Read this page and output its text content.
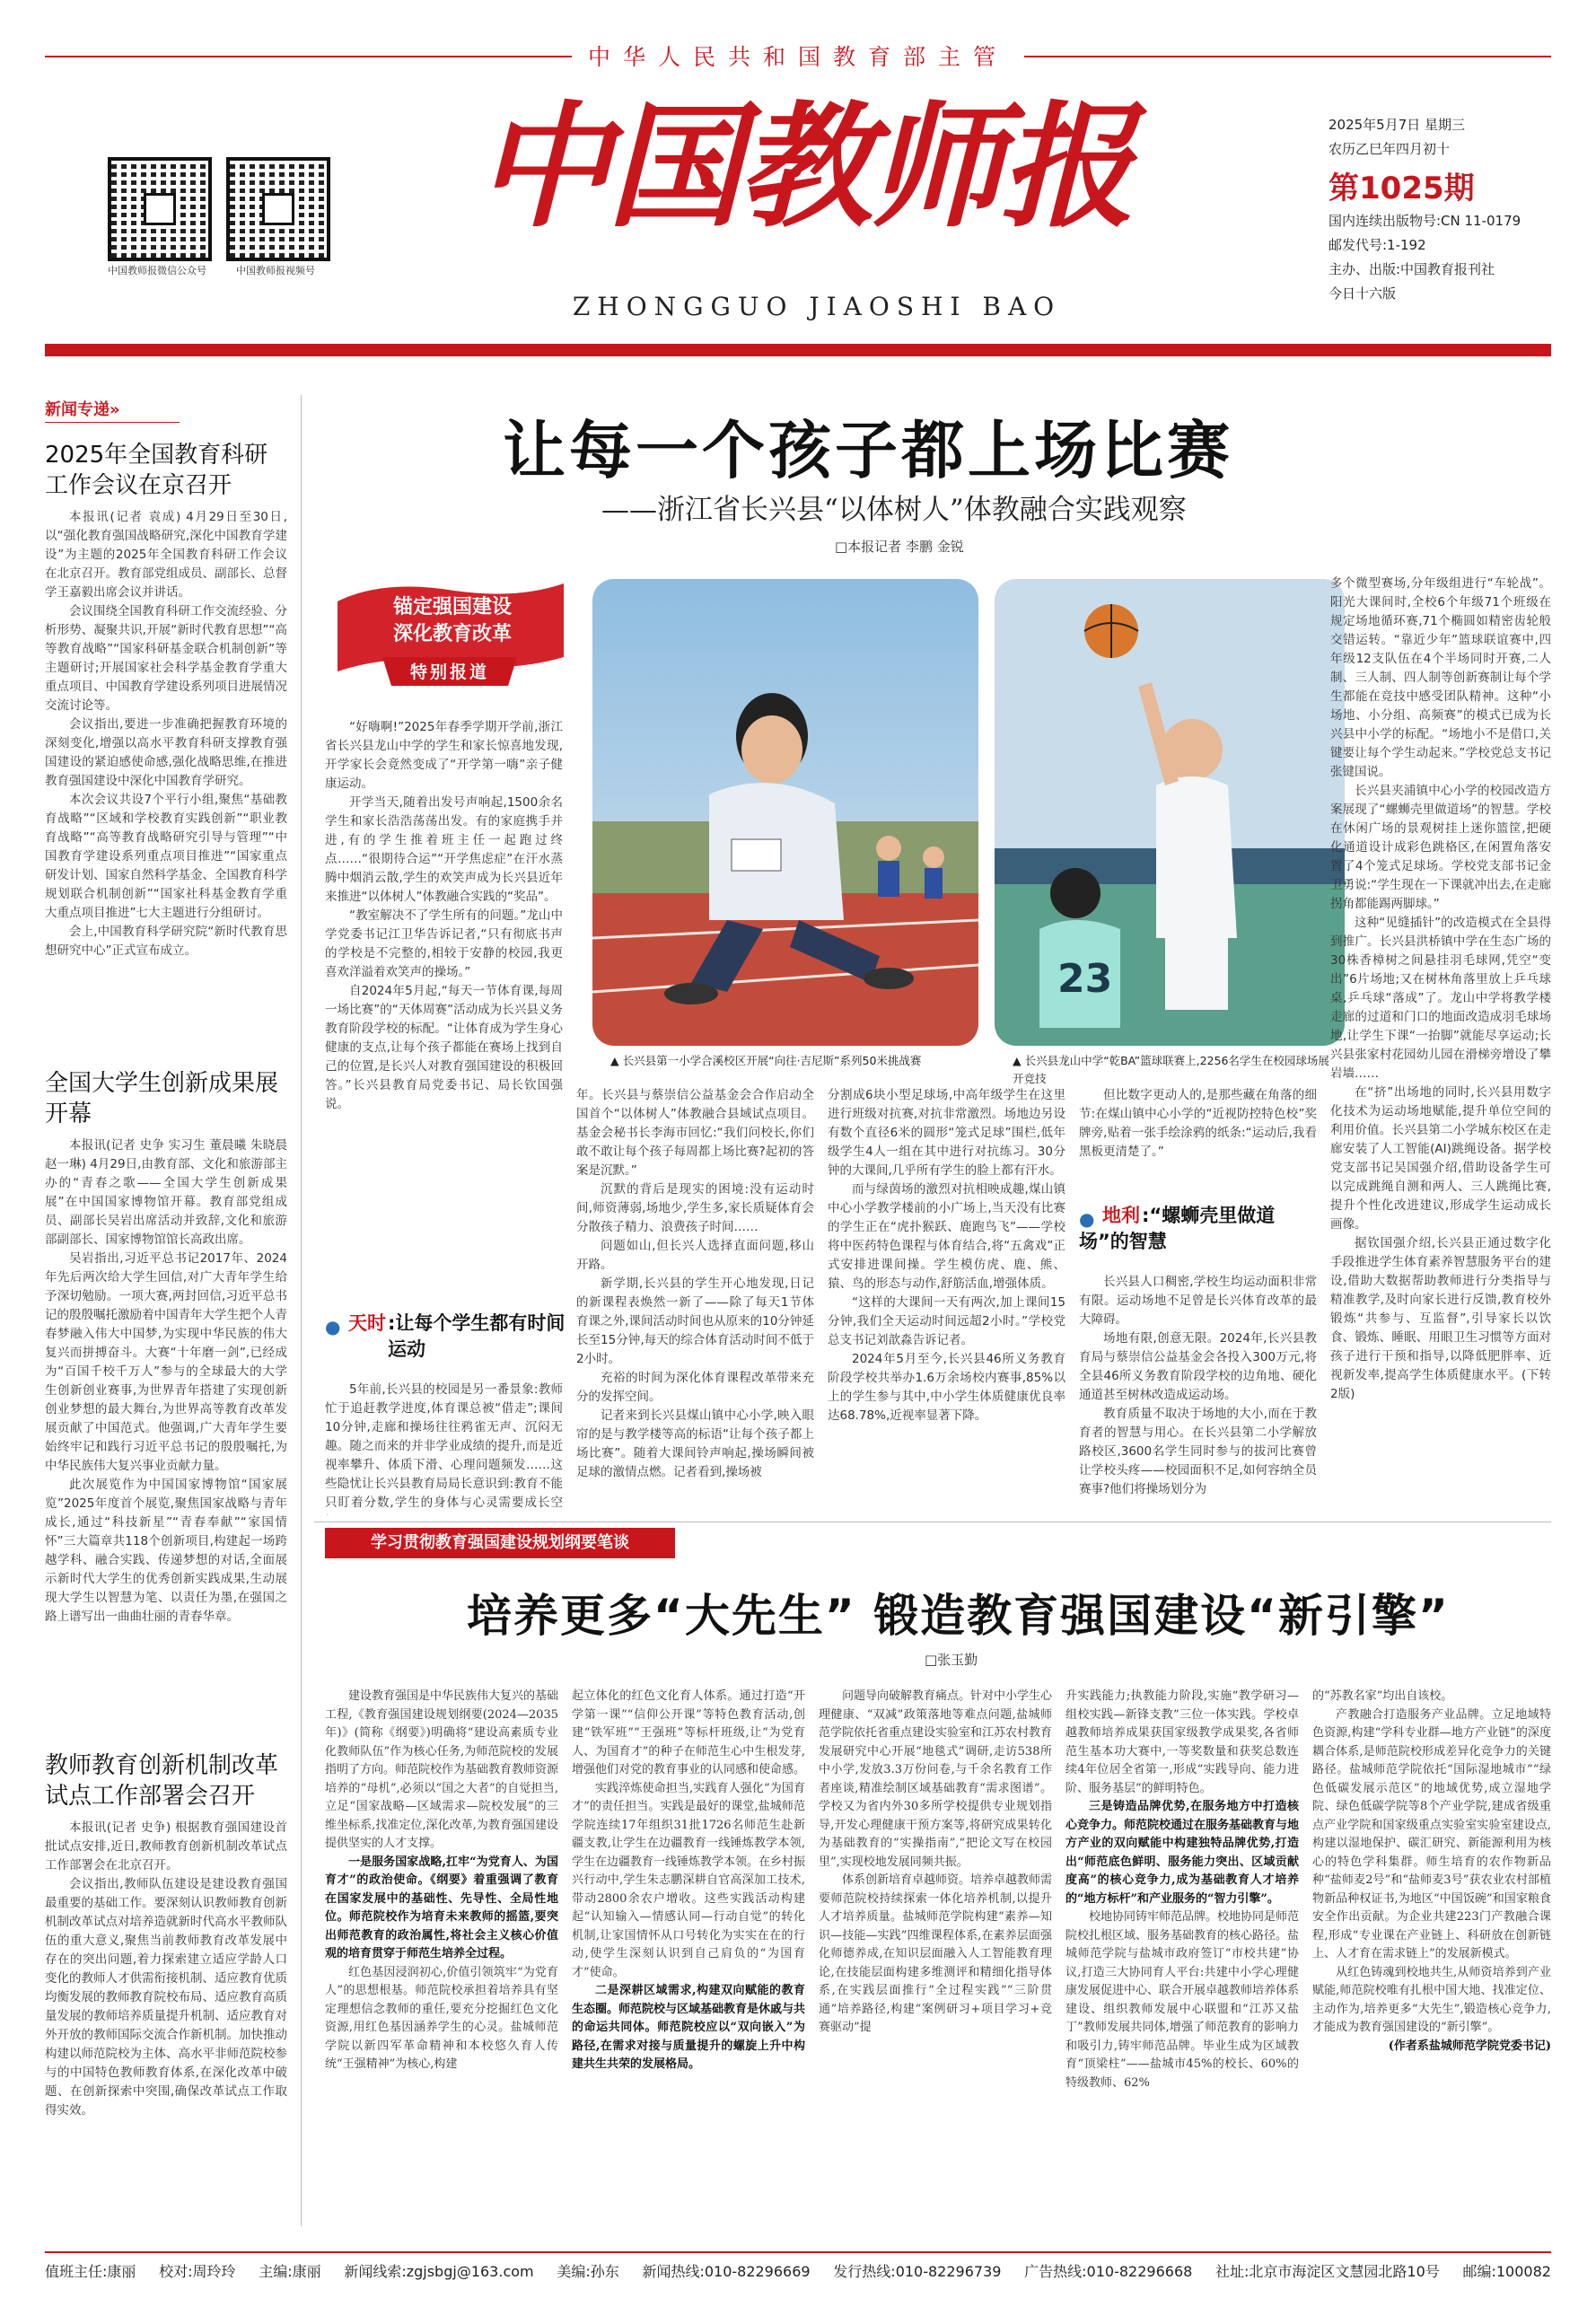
中华人民共和国教育部主管
中国教师报微信公众号	中国教师报视频号
中国教师报
ZHONGGUO JIAOSHI BAO
2025年5月7日 星期三
农历乙巳年四月初十
第1025期
国内连续出版物号:CN 11-0179
邮发代号:1-192
主办、出版:中国教育报刊社
今日十六版
新闻专递»
2025年全国教育科研工作会议在京召开

本报讯(记者 袁成) 4月29日至30日,以“强化教育强国战略研究,深化中国教育学建设”为主题的2025年全国教育科研工作会议在北京召开。教育部党组成员、副部长、总督学王嘉毅出席会议并讲话。

会议围绕全国教育科研工作交流经验、分析形势、凝聚共识,开展“新时代教育思想”“高等教育战略”“国家科研基金联合机制创新”等主题研讨;开展国家社会科学基金教育学重大重点项目、中国教育学建设系列项目进展情况交流讨论等。

会议指出,要进一步准确把握教育环境的深刻变化,增强以高水平教育科研支撑教育强国建设的紧迫感使命感,强化战略思维,在推进教育强国建设中深化中国教育学研究。

本次会议共设7个平行小组,聚焦“基础教育战略”“区域和学校教育实践创新”“职业教育战略”“高等教育战略研究引导与管理”“中国教育学建设系列重点项目推进”“国家重点研发计划、国家自然科学基金、全国教育科学规划联合机制创新”“国家社科基金教育学重大重点项目推进”七大主题进行分组研讨。

会上,中国教育科学研究院“新时代教育思想研究中心”正式宣布成立。

全国大学生创新成果展开幕

本报讯(记者 史争 实习生 董晨曦 朱晓晨 赵一琳) 4月29日,由教育部、文化和旅游部主办的“青春之歌——全国大学生创新成果展”在中国国家博物馆开幕。教育部党组成员、副部长吴岩出席活动并致辞,文化和旅游部副部长、国家博物馆馆长高政出席。

吴岩指出,习近平总书记2017年、2024年先后两次给大学生回信,对广大青年学生给予深切勉励。一项大赛,两封回信,习近平总书记的殷殷嘱托激励着中国青年大学生把个人青春梦融入伟大中国梦,为实现中华民族的伟大复兴而拼搏奋斗。大赛“十年磨一剑”,已经成为“百国千校千万人”参与的全球最大的大学生创新创业赛事,为世界青年搭建了实现创新创业梦想的最大舞台,为世界高等教育改革发展贡献了中国范式。他强调,广大青年学生要始终牢记和践行习近平总书记的殷殷嘱托,为中华民族伟大复兴事业贡献力量。

此次展览作为中国国家博物馆“国家展览”2025年度首个展览,聚焦国家战略与青年成长,通过“科技新星”“青春奉献”“家国情怀”三大篇章共118个创新项目,构建起一场跨越学科、融合实践、传递梦想的对话,全面展示新时代大学生的优秀创新实践成果,生动展现大学生以智慧为笔、以责任为墨,在强国之路上谱写出一曲曲壮丽的青春华章。

教师教育创新机制改革试点工作部署会召开

本报讯(记者 史争) 根据教育强国建设首批试点安排,近日,教师教育创新机制改革试点工作部署会在北京召开。

会议指出,教师队伍建设是建设教育强国最重要的基础工作。要深刻认识教师教育创新机制改革试点对培养造就新时代高水平教师队伍的重大意义,聚焦当前教师教育改革发展中存在的突出问题,着力探索建立适应学龄人口变化的教师人才供需衔接机制、适应教育优质均衡发展的教师教育院校布局、适应教育高质量发展的教师培养质量提升机制、适应教育对外开放的教师国际交流合作新机制。加快推动构建以师范院校为主体、高水平非师范院校参与的中国特色教师教育体系,在深化改革中破题、在创新探索中突围,确保改革试点工作取得实效。

让每一个孩子都上场比赛
——浙江省长兴县“以体树人”体教融合实践观察
□本报记者 李鹏 金锐
锚定强国建设
深化教育改革
特别报道
▲ 长兴县第一小学合溪校区开展“向往·吉尼斯”系列50米挑战赛
23
▲ 长兴县龙山中学“乾BA”篮球联赛上,2256名学生在校园球场展开竞技

“好嗨啊!”2025年春季学期开学前,浙江省长兴县龙山中学的学生和家长惊喜地发现,开学家长会竟然变成了“开学第一嗨”亲子健康运动。

开学当天,随着出发号声响起,1500余名学生和家长浩浩荡荡出发。有的家庭携手并进,有的学生推着班主任一起跑过终点……“很期待合运”“开学焦虑症”在汗水蒸腾中烟消云散,学生的欢笑声成为长兴县近年来推进“以体树人”体教融合实践的“奖品”。

“教室解决不了学生所有的问题。”龙山中学党委书记江卫华告诉记者,“只有彻底书声的学校是不完整的,相较于安静的校园,我更喜欢洋溢着欢笑声的操场。”

自2024年5月起,“每天一节体育课,每周一场比赛”的“天体周赛”活动成为长兴县义务教育阶段学校的标配。“让体育成为学生身心健康的支点,让每个孩子都能在赛场上找到自己的位置,是长兴人对教育强国建设的积极回答。”长兴县教育局党委书记、局长钦国强说。

● 天时 :让每个学生都有时间运动

5年前,长兴县的校园是另一番景象:教师忙于追赶教学进度,体育课总被“借走”;课间10分钟,走廊和操场往往鸦雀无声、沉闷无趣。随之而来的并非学业成绩的提升,而是近视率攀升、体质下滑、心理问题频发……这些隐忧让长兴县教育局局长意识到:教育不能只盯着分数,学生的身体与心灵需要成长空

年。长兴县与蔡崇信公益基金会合作启动全国首个“以体树人”体教融合县域试点项目。基金会秘书长李海市回忆:“我们问校长,你们敢不敢让每个孩子每周都上场比赛?起初的答案是沉默。”

沉默的背后是现实的困境:没有运动时间,师资薄弱,场地少,学生多,家长质疑体育会分散孩子精力、浪费孩子时间……

问题如山,但长兴人选择直面问题,移山开路。

新学期,长兴县的学生开心地发现,日记的新课程表焕然一新了——除了每天1节体育课之外,课间活动时间也从原来的10分钟延长至15分钟,每天的综合体育活动时间不低于2小时。

充裕的时间为深化体育课程改革带来充分的发挥空间。

记者来到长兴县煤山镇中心小学,映入眼帘的是与教学楼等高的标语“让每个孩子都上场比赛”。随着大课间铃声响起,操场瞬间被足球的激情点燃。记者看到,操场被

分割成6块小型足球场,中高年级学生在这里进行班级对抗赛,对抗非常激烈。场地边另设有数个直径6米的圆形“笼式足球”围栏,低年级学生4人一组在其中进行对抗练习。30分钟的大课间,几乎所有学生的脸上都有汗水。

而与绿茵场的激烈对抗相映成趣,煤山镇中心小学教学楼前的小广场上,当天没有比赛的学生正在“虎扑猴跃、鹿跑鸟飞”——学校将中医药特色课程与体育结合,将“五禽戏”正式安排进课间操。学生模仿虎、鹿、熊、猿、鸟的形态与动作,舒筋活血,增强体质。

“这样的大课间一天有两次,加上课间15分钟,我们全天运动时间远超2小时。”学校党总支书记刘歆淼告诉记者。

2024年5月至今,长兴县46所义务教育阶段学校共举办1.6万余场校内赛事,85%以上的学生参与其中,中小学生体质健康优良率达68.78%,近视率显著下降。

但比数字更动人的,是那些藏在角落的细节:在煤山镇中心小学的“近视防控特色校”奖牌旁,贴着一张手绘涂鸦的纸条:“运动后,我看黑板更清楚了。”

● 地利 :“螺蛳壳里做道场”的智慧

长兴县人口稠密,学校生均运动面积非常有限。运动场地不足曾是长兴体育改革的最大障碍。

场地有限,创意无限。2024年,长兴县教育局与蔡崇信公益基金会各投入300万元,将全县46所义务教育阶段学校的边角地、硬化通道甚至树林改造成运动场。

教育质量不取决于场地的大小,而在于教育者的智慧与用心。在长兴县第二小学解放路校区,3600名学生同时参与的拔河比赛曾让学校头疼——校园面积不足,如何容纳全员赛事?他们将操场划分为

多个微型赛场,分年级组进行“车轮战”。阳光大课间时,全校6个年级71个班级在规定场地循环赛,71个椭圆如精密齿轮般交错运转。“靠近少年”篮球联谊赛中,四年级12支队伍在4个半场同时开赛,二人制、三人制、四人制等创新赛制让每个学生都能在竞技中感受团队精神。这种“小场地、小分组、高频赛”的模式已成为长兴县中小学的标配。“场地小不是借口,关键要让每个学生动起来。”学校党总支书记张键国说。

长兴县夹浦镇中心小学的校园改造方案展现了“螺蛳壳里做道场”的智慧。学校在休闲广场的景观树挂上迷你篮筐,把硬化通道设计成彩色跳格区,在闲置角落安置了4个笼式足球场。学校党支部书记金卫勇说:“学生现在一下课就冲出去,在走廊拐角都能踢两脚球。”

这种“见缝插针”的改造模式在全县得到推广。长兴县洪桥镇中学在生态广场的30株香樟树之间悬挂羽毛球网,凭空“变出”6片场地;又在树林角落里放上乒乓球桌,乒乓球“落成”了。龙山中学将教学楼走廊的过道和门口的地面改造成羽毛球场地,让学生下课“一抬脚”就能尽享运动;长兴县张家村花园幼儿园在滑梯旁增设了攀岩墙……

在“挤”出场地的同时,长兴县用数字化技术为运动场地赋能,提升单位空间的利用价值。长兴县第二小学城东校区在走廊安装了人工智能(AI)跳绳设备。据学校党支部书记吴国强介绍,借助设备学生可以完成跳绳自测和两人、三人跳绳比赛,提升个性化改进建议,形成学生运动成长画像。

据钦国强介绍,长兴县正通过数字化手段推进学生体育素养智慧服务平台的建设,借助大数据帮助教师进行分类指导与精准教学,及时向家长进行反馈,教育校外锻炼“共参与、互监督”,引导家长以饮食、锻炼、睡眠、用眼卫生习惯等方面对孩子进行干预和指导,以降低肥胖率、近视新发率,提高学生体质健康水平。(下转2版)

学习贯彻教育强国建设规划纲要笔谈
培养更多“大先生” 锻造教育强国建设“新引擎”
□张玉勤

建设教育强国是中华民族伟大复兴的基础工程,《教育强国建设规划纲要(2024—2035年)》(简称《纲要》)明确将“建设高素质专业化教师队伍”作为核心任务,为师范院校的发展指明了方向。师范院校作为基础教育教师资源培养的“母机”,必须以“国之大者”的自觉担当,立足“国家战略—区域需求—院校发展”的三维坐标系,找准定位,深化改革,为教育强国建设提供坚实的人才支撑。

一是服务国家战略,扛牢“为党育人、为国育才”的政治使命。《纲要》着重强调了教育在国家发展中的基础性、先导性、全局性地位。师范院校作为培育未来教师的摇篮,要突出师范教育的政治属性,将社会主义核心价值观的培育贯穿于师范生培养全过程。

红色基因浸润初心,价值引领筑牢“为党育人”的思想根基。师范院校承担着培养具有坚定理想信念教师的重任,要充分挖掘红色文化资源,用红色基因涵养学生的心灵。盐城师范学院以新四军革命精神和本校悠久育人传统“王强精神”为核心,构建

起立体化的红色文化育人体系。通过打造“开学第一课”“信仰公开课”等特色教育活动,创建“铁军班”“王强班”等标杆班级,让“为党育人、为国育才”的种子在师范生心中生根发芽,增强他们对党的教育事业的认同感和使命感。

实践淬炼使命担当,实践育人强化“为国育才”的责任担当。实践是最好的课堂,盐城师范学院连续17年组织31批1726名师范生赴新疆支教,让学生在边疆教育一线锤炼教学本领,学生在边疆教育一线锤炼教学本领。在乡村振兴行动中,学生朱志鹏深耕自官高深加工技术,带动2800余农户增收。这些实践活动构建起“认知输入—情感认同—行动自觉”的转化机制,让家国情怀从口号转化为实实在在的行动,使学生深刻认识到自己肩负的“为国育才”使命。

二是深耕区域需求,构建双向赋能的教育生态圈。师范院校与区域基础教育是休戚与共的命运共同体。师范院校应以“双向嵌入”为路径,在需求对接与质量提升的螺旋上升中构建共生共荣的发展格局。

问题导向破解教育痛点。针对中小学生心理健康、“双减”政策落地等难点问题,盐城师范学院依托省重点建设实验室和江苏农村教育发展研究中心开展“地毯式”调研,走访538所中小学,发放3.3万份问卷,与千余名教育工作者座谈,精准绘制区域基础教育“需求图谱”。学校又为省内外30多所学校提供专业规划指导,开发心理健康干预方案等,将研究成果转化为基础教育的“实操指南”,“把论文写在校园里”,实现校地发展同频共振。

体系创新培育卓越师资。培养卓越教师需要师范院校持续探索一体化培养机制,以提升人才培养质量。盐城师范学院构建“素养—知识—技能—实践”四维课程体系,在素养层面强化师德养成,在知识层面融入人工智能教育理论,在技能层面构建多维测评和精细化指导体系,在实践层面推行“全过程实践”“三阶贯通”培养路径,构建“案例研习+项目学习+竞赛驱动”提

升实践能力;执教能力阶段,实施“教学研习—组校实践—新锋支教”三位一体实践。学校卓越教师培养成果获国家级教学成果奖,各省师范生基本功大赛中,一等奖数量和获奖总数连续4年位居全省第一,形成“实践导向、能力进阶、服务基层”的鲜明特色。

三是铸造品牌优势,在服务地方中打造核心竞争力。师范院校通过在服务基础教育与地方产业的双向赋能中构建独特品牌优势,打造出“师范底色鲜明、服务能力突出、区域贡献度高”的核心竞争力,成为基础教育人才培养的“地方标杆”和产业服务的“智力引擎”。

校地协同铸牢师范品牌。校地协同是师范院校扎根区域、服务基础教育的核心路径。盐城师范学院与盐城市政府签订“市校共建”协议,打造三大协同育人平台:共建中小学心理健康发展促进中心、联合开展卓越教师培养体系建设、组织教师发展中心联盟和“江苏又盐丁”教师发展共同体,增强了师范教育的影响力和吸引力,铸牢师范品牌。毕业生成为区域教育“顶梁柱”——盐城市45%的校长、60%的特级教师、62%

的“苏教名家”均出自该校。

产教融合打造服务产业品牌。立足地域特色资源,构建“学科专业群—地方产业链”的深度耦合体系,是师范院校形成差异化竞争力的关键路径。盐城师范学院依托“国际湿地城市”“绿色低碳发展示范区”的地域优势,成立湿地学院、绿色低碳学院等8个产业学院,建成省级重点产业学院和国家级重点实验室实验室建设点,构建以湿地保护、碳汇研究、新能源利用为核心的特色学科集群。师生培育的农作物新品种“盐师麦2号”和“盐师麦3号”获农业农村部植物新品种权证书,为地区“中国饭碗”和国家粮食安全作出贡献。为企业共建223门产教融合课程,形成“专业课在产业链上、科研放在创新链上、人才育在需求链上”的发展新模式。

从红色铸魂到校地共生,从师资培养到产业赋能,师范院校唯有扎根中国大地、找准定位、主动作为,培养更多“大先生”,锻造核心竞争力,才能成为教育强国建设的“新引擎”。

(作者系盐城师范学院党委书记)

值班主任:康丽 校对:周玲玲 主编:康丽 新闻线索:zgjsbgj@163.com 美编:孙东 新闻热线:010-82296669 发行热线:010-82296739 广告热线:010-82296668 社址:北京市海淀区文慧园北路10号 邮编:100082
